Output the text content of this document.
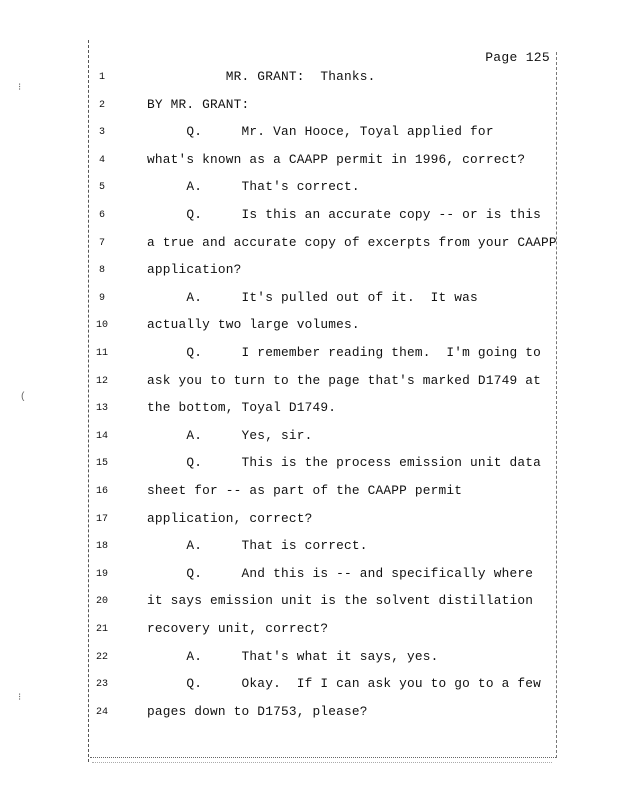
⁝
(
⁝
Page 125
1	MR. GRANT:  Thanks.
2	BY MR. GRANT:
3	Q.     Mr. Van Hooce, Toyal applied for
4	what's known as a CAAPP permit in 1996, correct?
5	A.     That's correct.
6	Q.     Is this an accurate copy -- or is this
7	a true and accurate copy of excerpts from your CAAPP
8	application?
9	A.     It's pulled out of it.  It was
10	actually two large volumes.
11	Q.     I remember reading them.  I'm going to
12	ask you to turn to the page that's marked D1749 at
13	the bottom, Toyal D1749.
14	A.     Yes, sir.
15	Q.     This is the process emission unit data
16	sheet for -- as part of the CAAPP permit
17	application, correct?
18	A.     That is correct.
19	Q.     And this is -- and specifically where
20	it says emission unit is the solvent distillation
21	recovery unit, correct?
22	A.     That's what it says, yes.
23	Q.     Okay.  If I can ask you to go to a few
24	pages down to D1753, please?
